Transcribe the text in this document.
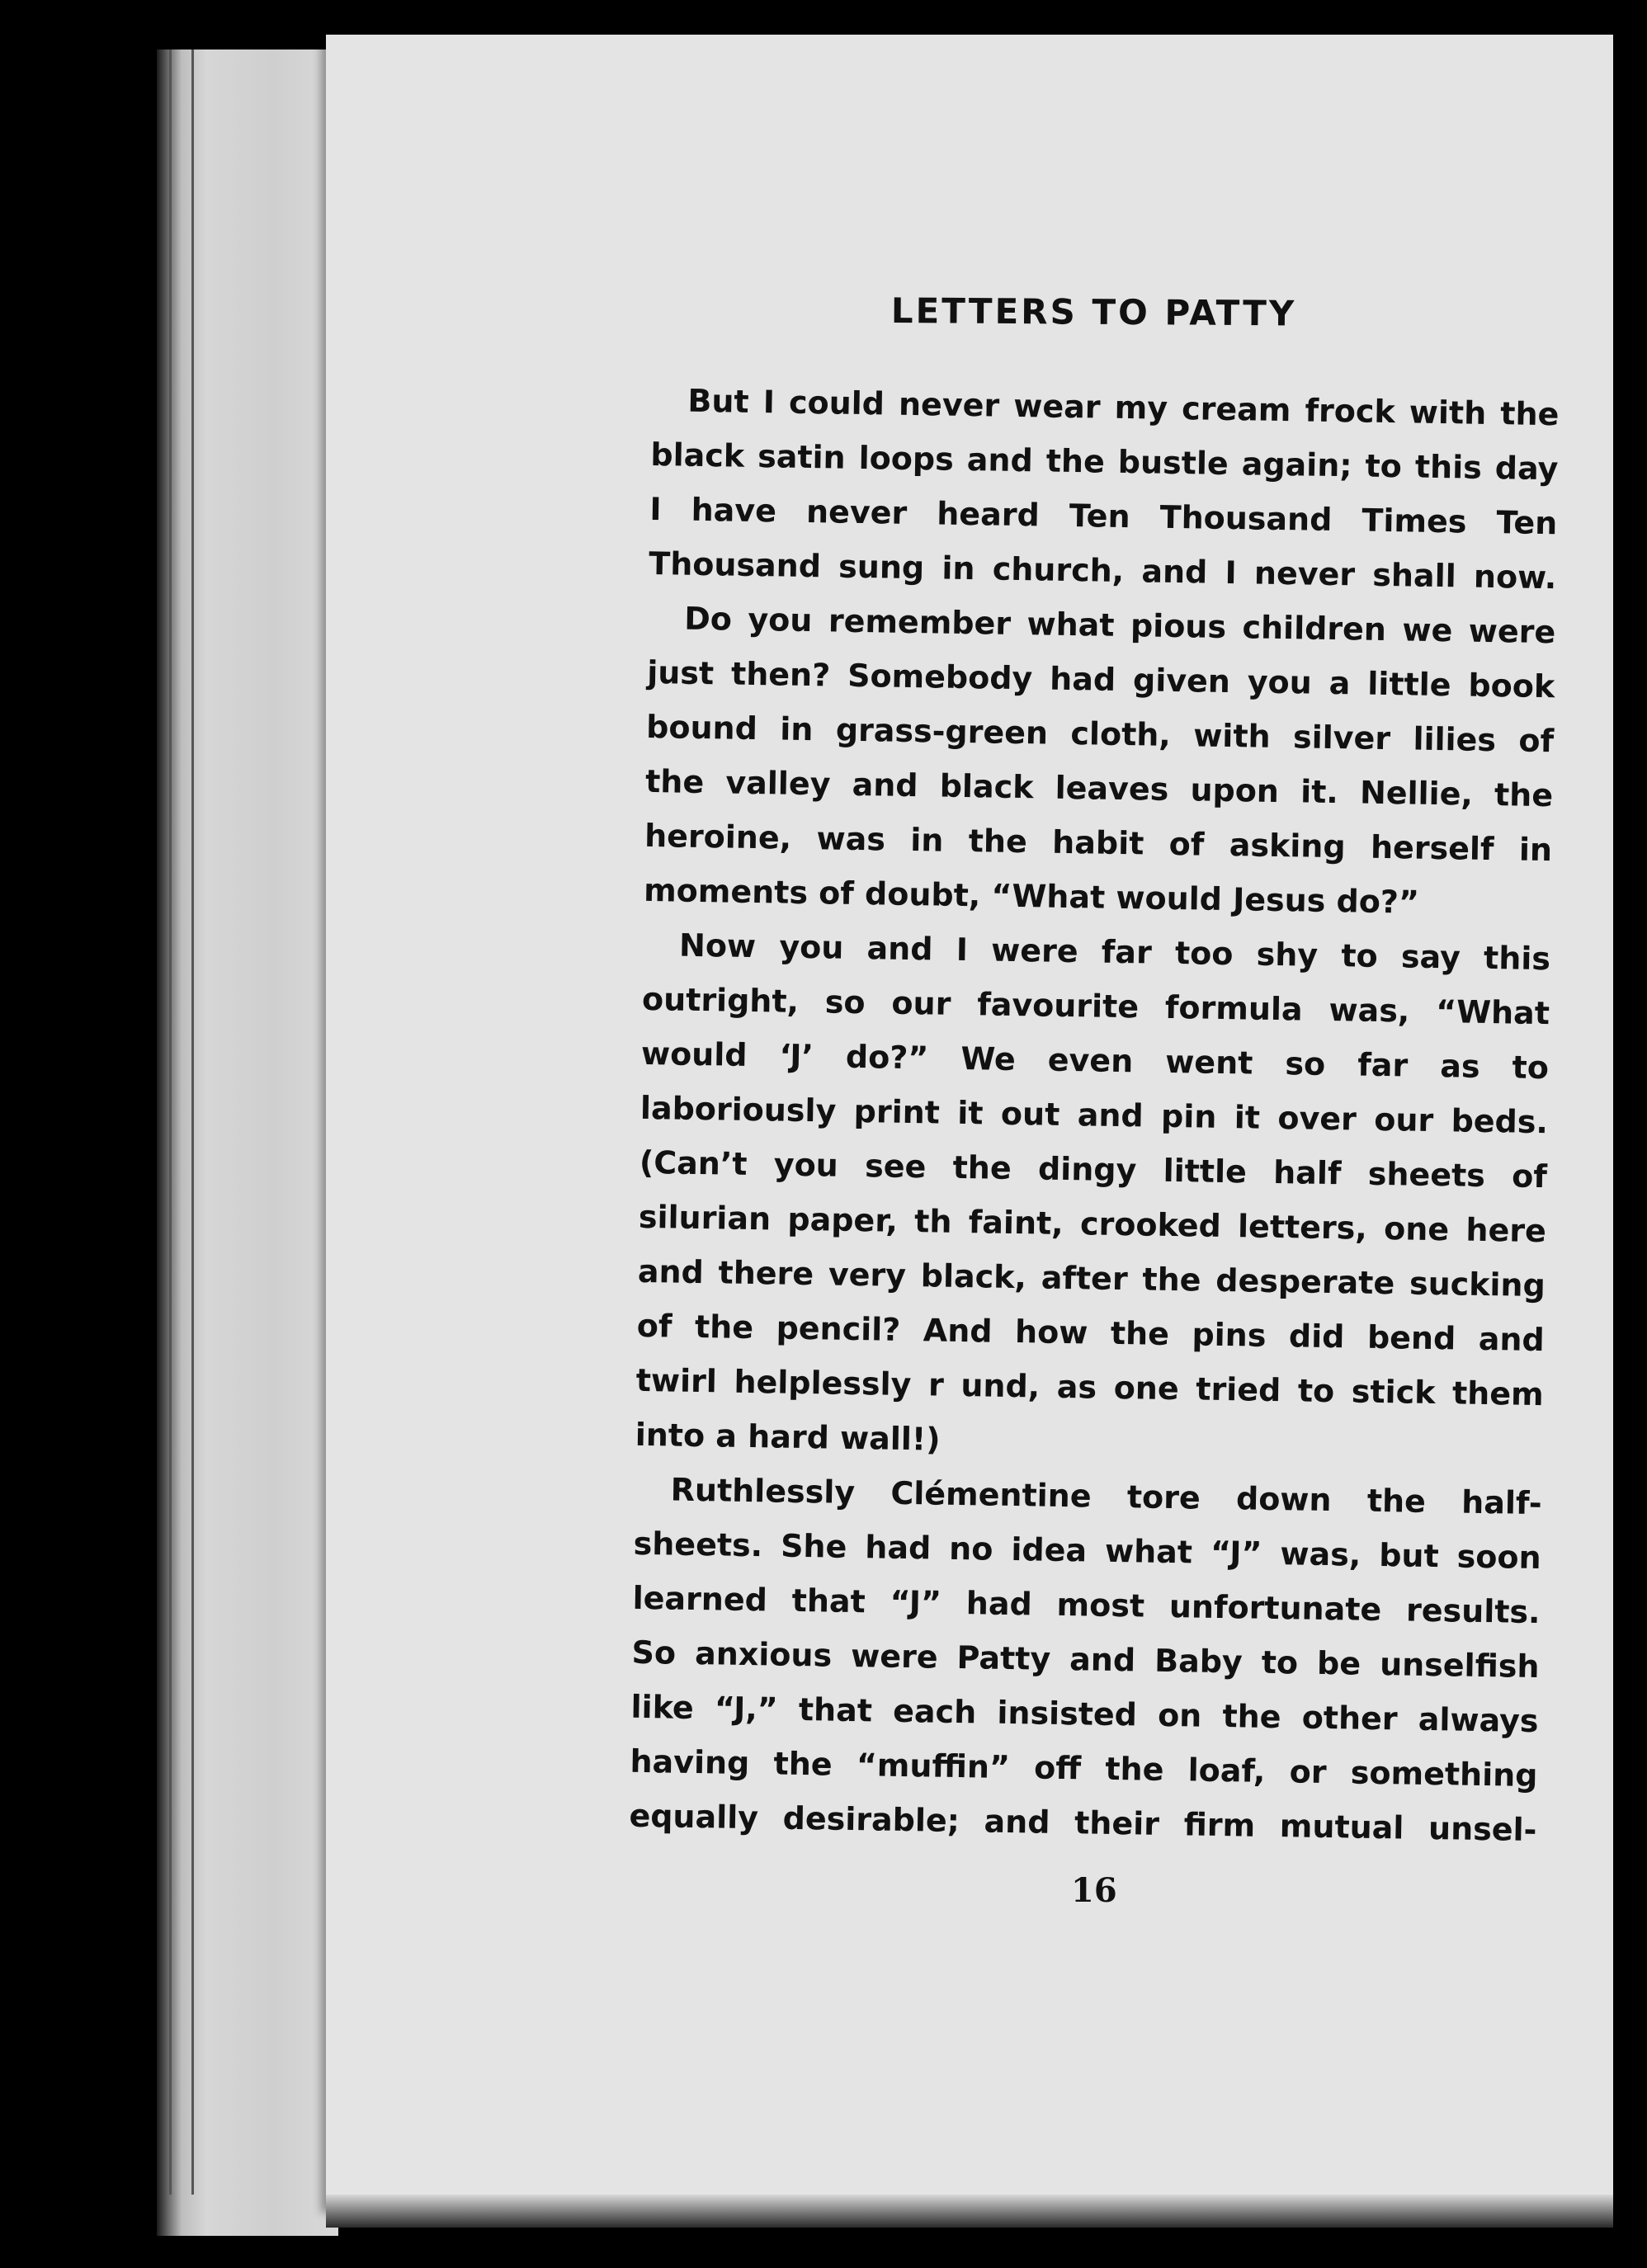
LETTERS TO PATTY
But I could never wear my cream frock with the
black satin loops and the bustle again; to this day
I have never heard Ten Thousand Times Ten
Thousand sung in church, and I never shall now.
Do you remember what pious children we were
just then? Somebody had given you a little book
bound in grass-green cloth, with silver lilies of
the valley and black leaves upon it. Nellie, the
heroine, was in the habit of asking herself in
moments of doubt, “What would Jesus do?”
Now you and I were far too shy to say this
outright, so our favourite formula was, “What
would ‘J’ do?” We even went so far as to
laboriously print it out and pin it over our beds.
(Can’t you see the dingy little half sheets of
silurian paper, th faint, crooked letters, one here
and there very black, after the desperate sucking
of the pencil? And how the pins did bend and
twirl helplessly r und, as one tried to stick them
into a hard wall!)
Ruthlessly Clémentine tore down the half-
sheets. She had no idea what “J” was, but soon
learned that “J” had most unfortunate results.
So anxious were Patty and Baby to be unselfish
like “J,” that each insisted on the other always
having the “muffin” off the loaf, or something
equally desirable; and their firm mutual unsel-
16
